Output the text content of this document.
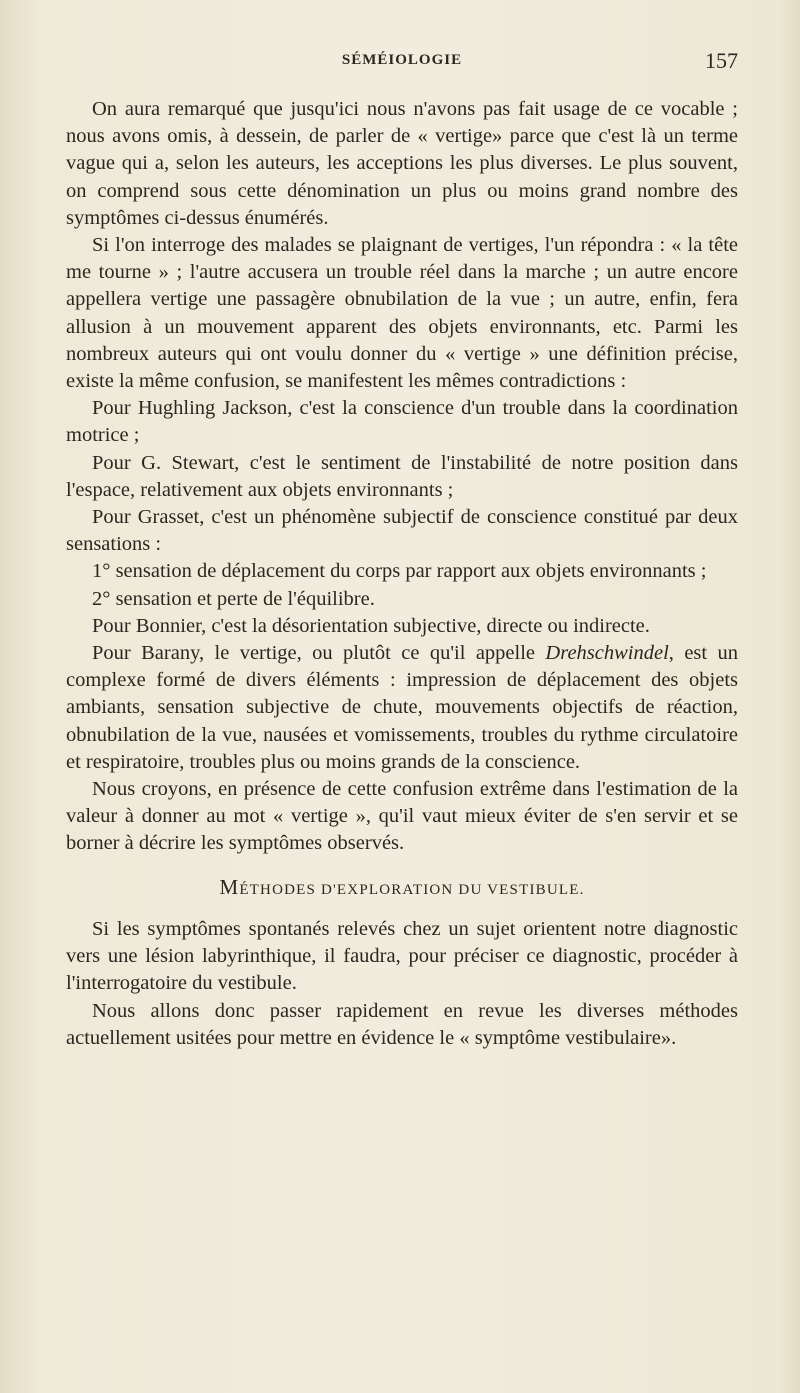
SÉMÉIOLOGIE	157

On aura remarqué que jusqu'ici nous n'avons pas fait usage de ce vocable ; nous avons omis, à dessein, de parler de « vertige» parce que c'est là un terme vague qui a, selon les auteurs, les acceptions les plus diverses. Le plus souvent, on comprend sous cette dénomination un plus ou moins grand nombre des symptômes ci-dessus énumérés.

Si l'on interroge des malades se plaignant de vertiges, l'un répondra : « la tête me tourne » ; l'autre accusera un trouble réel dans la marche ; un autre encore appellera vertige une passagère obnubilation de la vue ; un autre, enfin, fera allusion à un mouvement apparent des objets environnants, etc. Parmi les nombreux auteurs qui ont voulu donner du « vertige » une définition précise, existe la même confusion, se manifestent les mêmes contradictions :

Pour Hughling Jackson, c'est la conscience d'un trouble dans la coordination motrice ;

Pour G. Stewart, c'est le sentiment de l'instabilité de notre position dans l'espace, relativement aux objets environnants ;

Pour Grasset, c'est un phénomène subjectif de conscience constitué par deux sensations :

1° sensation de déplacement du corps par rapport aux objets environnants ;

2° sensation et perte de l'équilibre.

Pour Bonnier, c'est la désorientation subjective, directe ou indirecte.

Pour Barany, le vertige, ou plutôt ce qu'il appelle Drehschwindel, est un complexe formé de divers éléments : impression de déplacement des objets ambiants, sensation subjective de chute, mouvements objectifs de réaction, obnubilation de la vue, nausées et vomissements, troubles du rythme circulatoire et respiratoire, troubles plus ou moins grands de la conscience.

Nous croyons, en présence de cette confusion extrême dans l'estimation de la valeur à donner au mot « vertige », qu'il vaut mieux éviter de s'en servir et se borner à décrire les symptômes observés.

MÉTHODES D'EXPLORATION DU VESTIBULE.

Si les symptômes spontanés relevés chez un sujet orientent notre diagnostic vers une lésion labyrinthique, il faudra, pour préciser ce diagnostic, procéder à l'interrogatoire du vestibule.

Nous allons donc passer rapidement en revue les diverses méthodes actuellement usitées pour mettre en évidence le « symptôme vestibulaire».
